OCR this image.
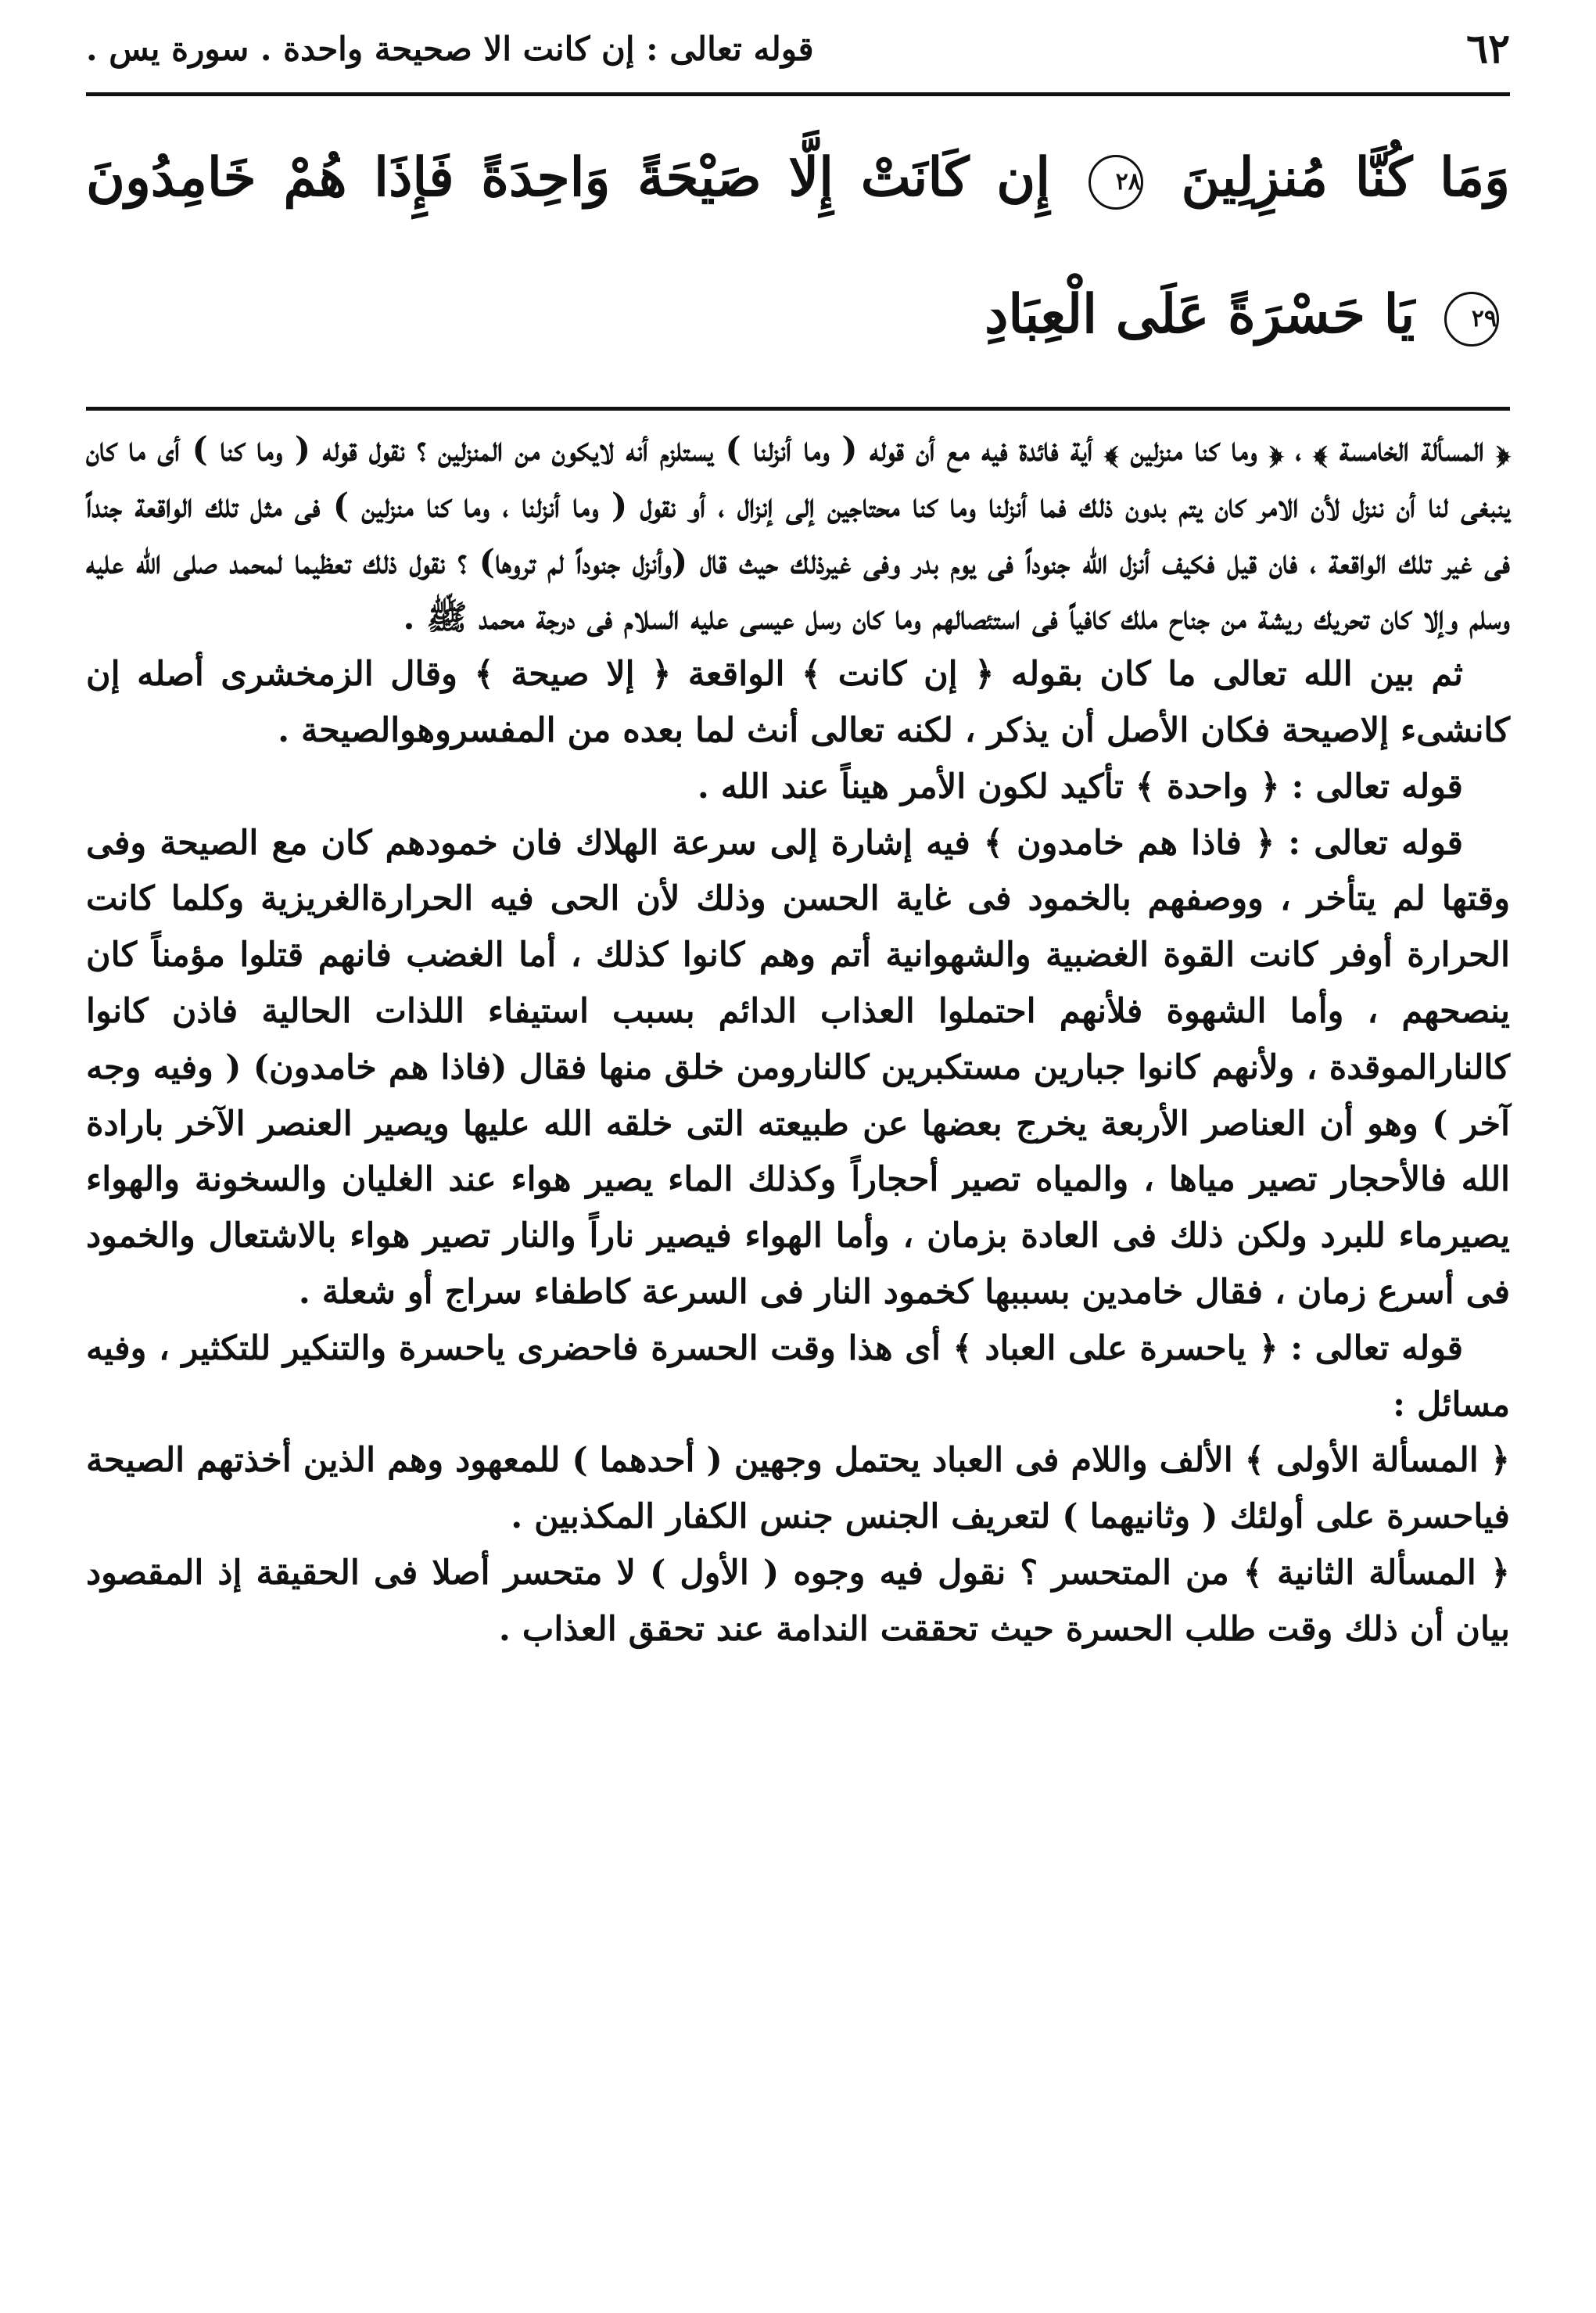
٦٢
قوله تعالى : إن كانت الا صحيحة واحدة . سورة يس .
وَمَا كُنَّا مُنزِلِينَ ٢٨ إِن كَانَتْ إِلَّا صَيْحَةً وَاحِدَةً فَإِذَا هُمْ خَامِدُونَ ٢٩ يَا حَسْرَةً عَلَى الْعِبَادِ

﴿ المسألة الخامسة ﴾ ، ﴿ وما كنا منزلين ﴾ أية فائدة فيه مع أن قوله ( وما أنزلنا ) يستلزم أنه لايكون من المنزلين ؟ نقول قوله ( وما كنا ) أى ما كان ينبغى لنا أن ننزل لأن الامر كان يتم بدون ذلك فما أنزلنا وما كنا محتاجين إلى إنزال ، أو نقول ( وما أنزلنا ، وما كنا منزلين ) فى مثل تلك الواقعة جنداً فى غير تلك الواقعة ، فان قيل فكيف أنزل الله جنوداً فى يوم بدر وفى غيرذلك حيث قال (وأنزل جنوداً لم تروها) ؟ نقول ذلك تعظيما لمحمد صلى الله عليه وسلم وإلا كان تحريك ريشة من جناح ملك كافياً فى استئصالهم وما كان رسل عيسى عليه السلام فى درجة محمد ﷺ .

ثم بين الله تعالى ما كان بقوله ﴿ إن كانت ﴾ الواقعة ﴿ إلا صيحة ﴾ وقال الزمخشرى أصله إن كانشىء إلاصيحة فكان الأصل أن يذكر ، لكنه تعالى أنث لما بعده من المفسروهوالصيحة .

قوله تعالى : ﴿ واحدة ﴾ تأكيد لكون الأمر هيناً عند الله .

قوله تعالى : ﴿ فاذا هم خامدون ﴾ فيه إشارة إلى سرعة الهلاك فان خمودهم كان مع الصيحة وفى وقتها لم يتأخر ، ووصفهم بالخمود فى غاية الحسن وذلك لأن الحى فيه الحرارةالغريزية وكلما كانت الحرارة أوفر كانت القوة الغضبية والشهوانية أتم وهم كانوا كذلك ، أما الغضب فانهم قتلوا مؤمناً كان ينصحهم ، وأما الشهوة فلأنهم احتملوا العذاب الدائم بسبب استيفاء اللذات الحالية فاذن كانوا كالنارالموقدة ، ولأنهم كانوا جبارين مستكبرين كالنارومن خلق منها فقال (فاذا هم خامدون) ( وفيه وجه آخر ) وهو أن العناصر الأربعة يخرج بعضها عن طبيعته التى خلقه الله عليها ويصير العنصر الآخر بارادة الله فالأحجار تصير مياها ، والمياه تصير أحجاراً وكذلك الماء يصير هواء عند الغليان والسخونة والهواء يصيرماء للبرد ولكن ذلك فى العادة بزمان ، وأما الهواء فيصير ناراً والنار تصير هواء بالاشتعال والخمود فى أسرع زمان ، فقال خامدين بسببها كخمود النار فى السرعة كاطفاء سراج أو شعلة .

قوله تعالى : ﴿ ياحسرة على العباد ﴾ أى هذا وقت الحسرة فاحضرى ياحسرة والتنكير للتكثير ، وفيه مسائل :

﴿ المسألة الأولى ﴾ الألف واللام فى العباد يحتمل وجهين ( أحدهما ) للمعهود وهم الذين أخذتهم الصيحة فياحسرة على أولئك ( وثانيهما ) لتعريف الجنس جنس الكفار المكذبين .

﴿ المسألة الثانية ﴾ من المتحسر ؟ نقول فيه وجوه ( الأول ) لا متحسر أصلا فى الحقيقة إذ المقصود بيان أن ذلك وقت طلب الحسرة حيث تحققت الندامة عند تحقق العذاب .
